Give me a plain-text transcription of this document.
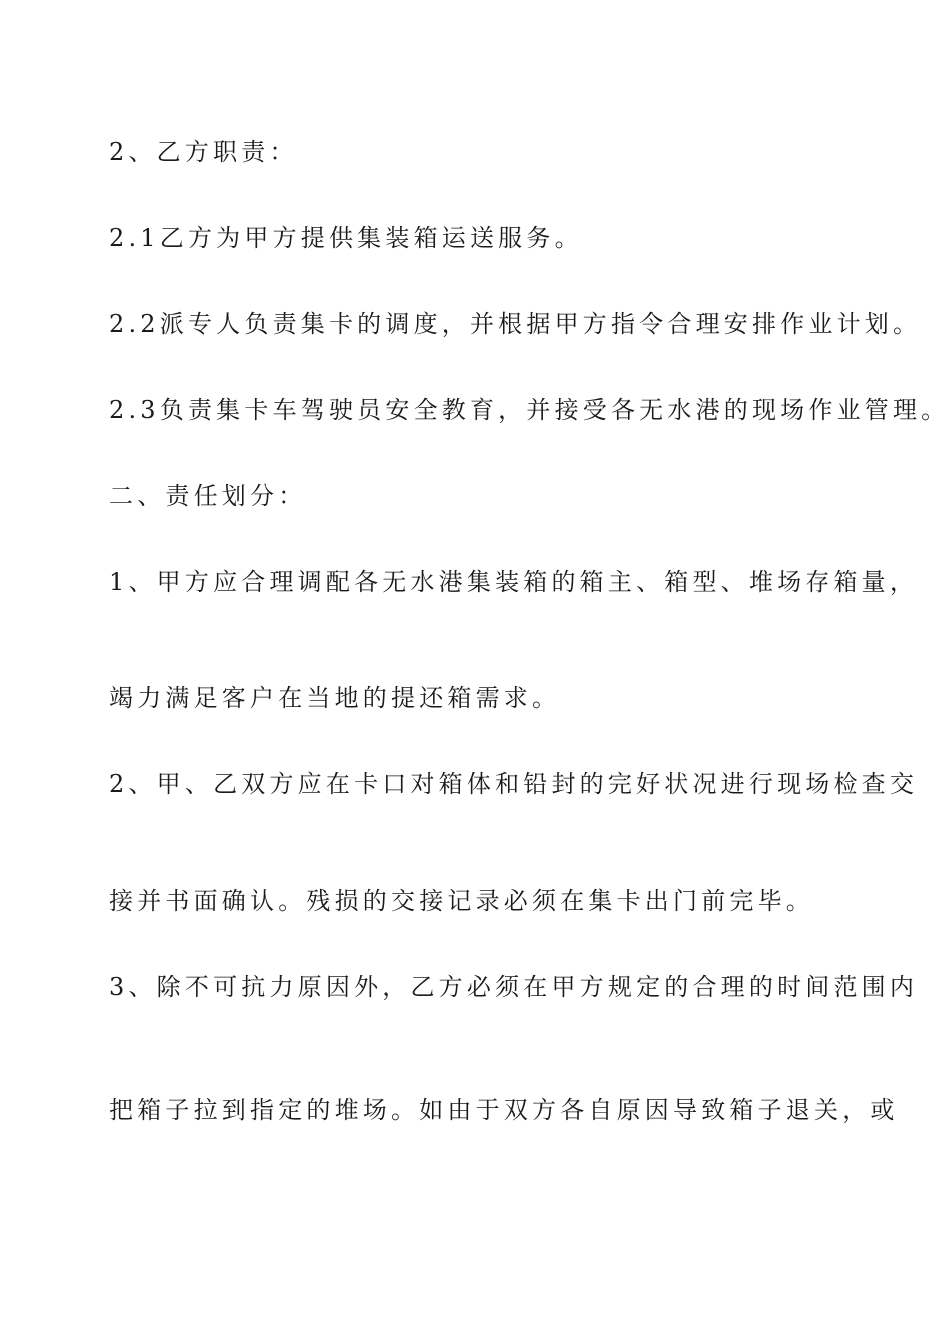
2、乙方职责：

2.1乙方为甲方提供集装箱运送服务。

2.2派专人负责集卡的调度，并根据甲方指令合理安排作业计划。

2.3负责集卡车驾驶员安全教育，并接受各无水港的现场作业管理。

二、责任划分：

1、甲方应合理调配各无水港集装箱的箱主、箱型、堆场存箱量，

竭力满足客户在当地的提还箱需求。

2、甲、乙双方应在卡口对箱体和铅封的完好状况进行现场检查交

接并书面确认。残损的交接记录必须在集卡出门前完毕。

3、除不可抗力原因外，乙方必须在甲方规定的合理的时间范围内

把箱子拉到指定的堆场。如由于双方各自原因导致箱子退关，或
